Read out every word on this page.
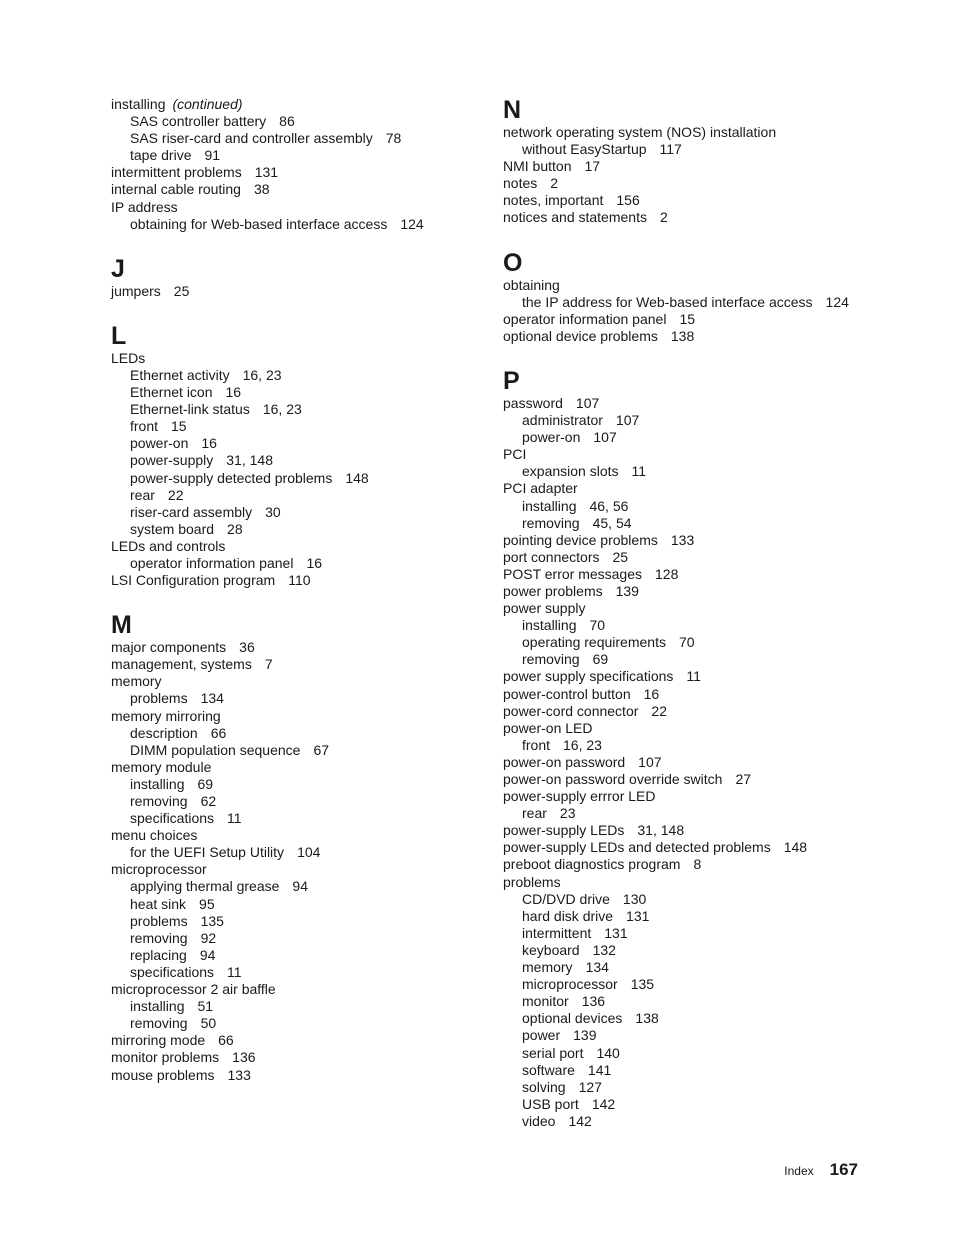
installing (continued)
SAS controller battery 86
SAS riser-card and controller assembly 78
tape drive 91
intermittent problems 131
internal cable routing 38
IP address
obtaining for Web-based interface access 124
J
jumpers 25
L
LEDs
Ethernet activity 16, 23
Ethernet icon 16
Ethernet-link status 16, 23
front 15
power-on 16
power-supply 31, 148
power-supply detected problems 148
rear 22
riser-card assembly 30
system board 28
LEDs and controls
operator information panel 16
LSI Configuration program 110
M
major components 36
management, systems 7
memory
problems 134
memory mirroring
description 66
DIMM population sequence 67
memory module
installing 69
removing 62
specifications 11
menu choices
for the UEFI Setup Utility 104
microprocessor
applying thermal grease 94
heat sink 95
problems 135
removing 92
replacing 94
specifications 11
microprocessor 2 air baffle
installing 51
removing 50
mirroring mode 66
monitor problems 136
mouse problems 133
N
network operating system (NOS) installation
without EasyStartup 117
NMI button 17
notes 2
notes, important 156
notices and statements 2
O
obtaining
the IP address for Web-based interface access 124
operator information panel 15
optional device problems 138
P
password 107
administrator 107
power-on 107
PCI
expansion slots 11
PCI adapter
installing 46, 56
removing 45, 54
pointing device problems 133
port connectors 25
POST error messages 128
power problems 139
power supply
installing 70
operating requirements 70
removing 69
power supply specifications 11
power-control button 16
power-cord connector 22
power-on LED
front 16, 23
power-on password 107
power-on password override switch 27
power-supply errror LED
rear 23
power-supply LEDs 31, 148
power-supply LEDs and detected problems 148
preboot diagnostics program 8
problems
CD/DVD drive 130
hard disk drive 131
intermittent 131
keyboard 132
memory 134
microprocessor 135
monitor 136
optional devices 138
power 139
serial port 140
software 141
solving 127
USB port 142
video 142
Index 167
